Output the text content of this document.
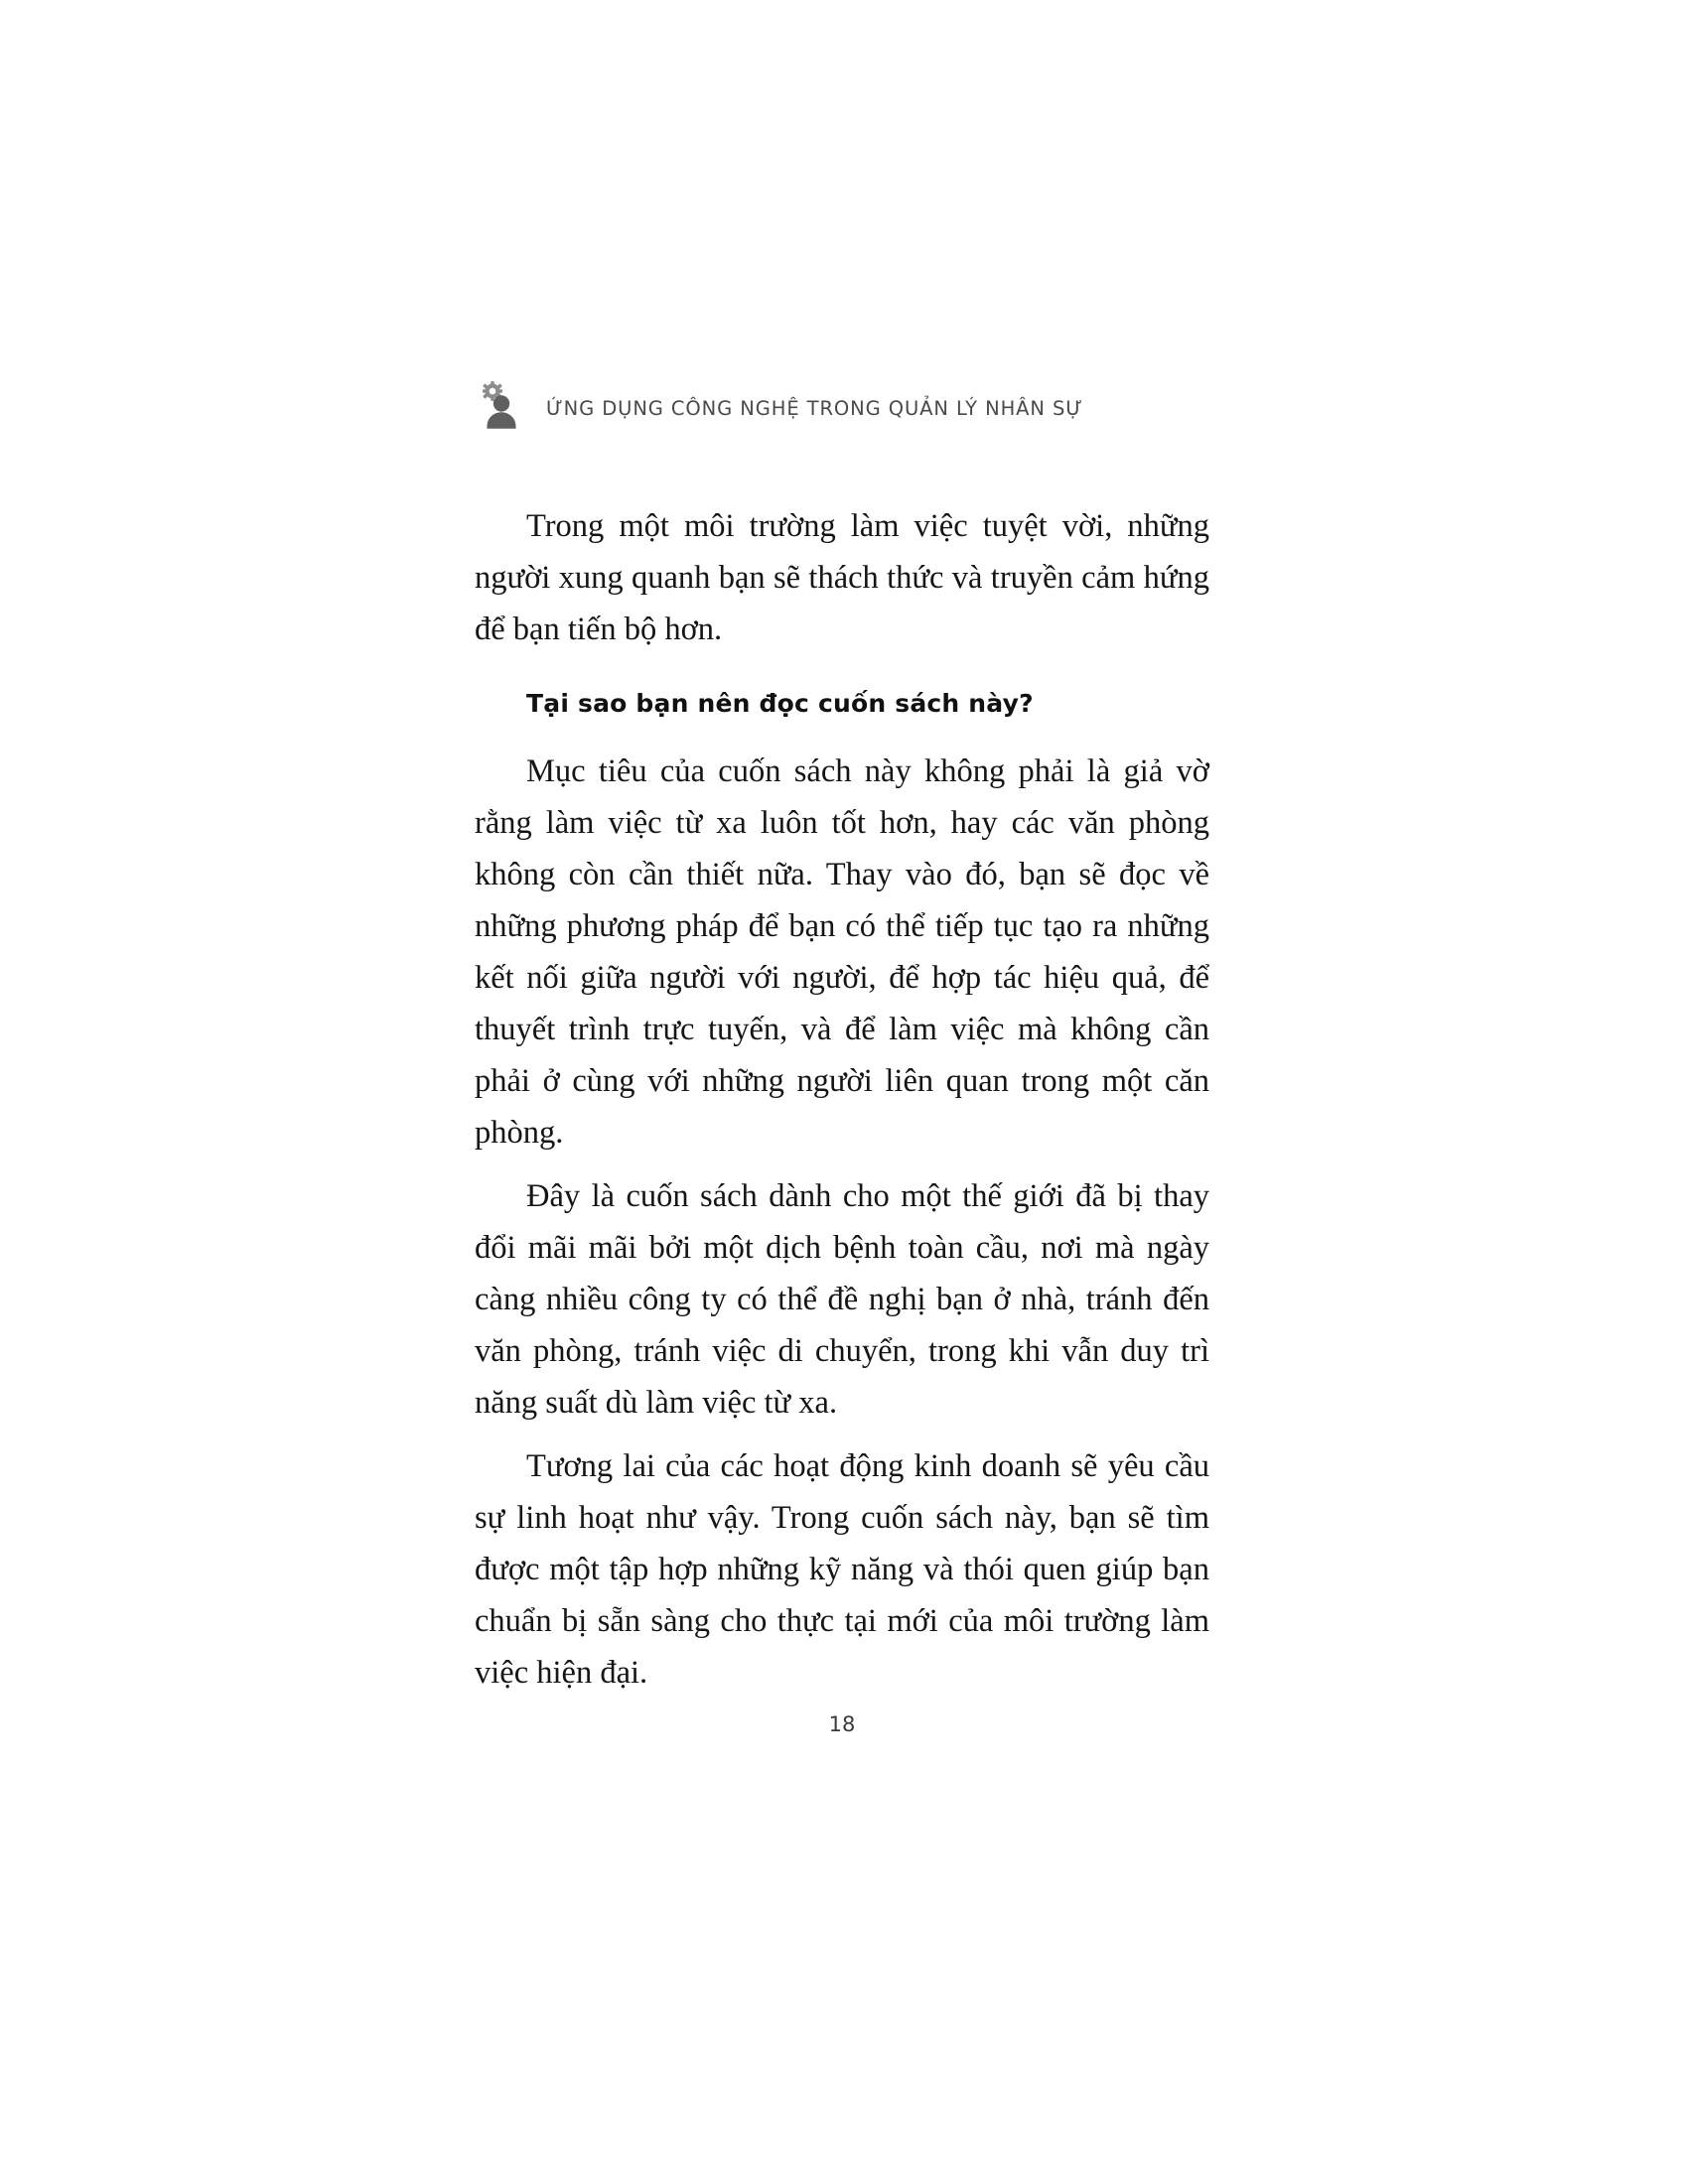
ỨNG DỤNG CÔNG NGHỆ TRONG QUẢN LÝ NHÂN SỰ

Trong một môi trường làm việc tuyệt vời, những người xung quanh bạn sẽ thách thức và truyền cảm hứng để bạn tiến bộ hơn.

Tại sao bạn nên đọc cuốn sách này?

Mục tiêu của cuốn sách này không phải là giả vờ rằng làm việc từ xa luôn tốt hơn, hay các văn phòng không còn cần thiết nữa. Thay vào đó, bạn sẽ đọc về những phương pháp để bạn có thể tiếp tục tạo ra những kết nối giữa người với người, để hợp tác hiệu quả, để thuyết trình trực tuyến, và để làm việc mà không cần phải ở cùng với những người liên quan trong một căn phòng.

Đây là cuốn sách dành cho một thế giới đã bị thay đổi mãi mãi bởi một dịch bệnh toàn cầu, nơi mà ngày càng nhiều công ty có thể đề nghị bạn ở nhà, tránh đến văn phòng, tránh việc di chuyển, trong khi vẫn duy trì năng suất dù làm việc từ xa.

Tương lai của các hoạt động kinh doanh sẽ yêu cầu sự linh hoạt như vậy. Trong cuốn sách này, bạn sẽ tìm được một tập hợp những kỹ năng và thói quen giúp bạn chuẩn bị sẵn sàng cho thực tại mới của môi trường làm việc hiện đại.

18
